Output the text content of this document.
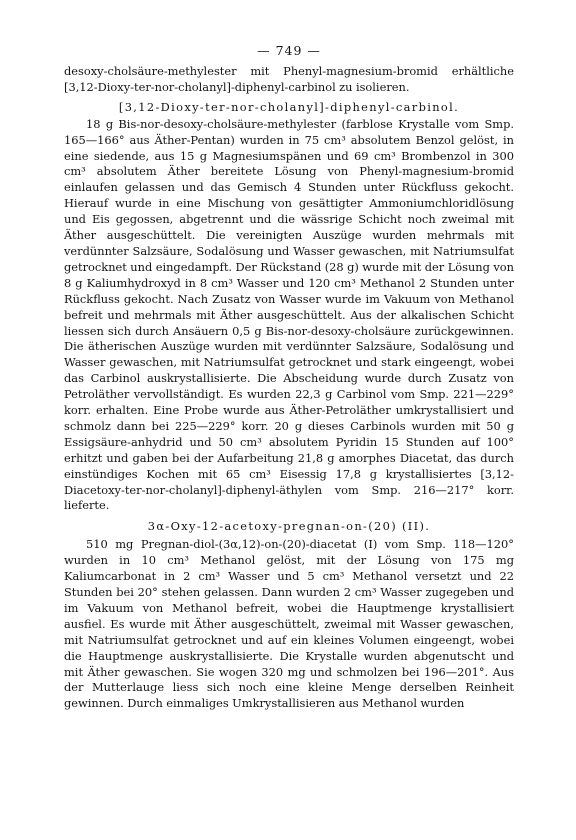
— 749 —

desoxy-cholsäure-methylester mit Phenyl-magnesium-bromid erhältliche [3,12-Dioxy-ter-nor-cholanyl]-diphenyl-carbinol zu isolieren.

[3,12-Dioxy-ter-nor-cholanyl]-diphenyl-carbinol.

18 g Bis-nor-desoxy-cholsäure-methylester (farblose Krystalle vom Smp. 165—166° aus Äther-Pentan) wurden in 75 cm³ absolutem Benzol gelöst, in eine siedende, aus 15 g Magnesiumspänen und 69 cm³ Brombenzol in 300 cm³ absolutem Äther bereitete Lösung von Phenyl-magnesium-bromid einlaufen gelassen und das Gemisch 4 Stunden unter Rückfluss gekocht. Hierauf wurde in eine Mischung von gesättigter Ammoniumchloridlösung und Eis gegossen, abgetrennt und die wässrige Schicht noch zweimal mit Äther ausgeschüttelt. Die vereinigten Auszüge wurden mehrmals mit verdünnter Salzsäure, Sodalösung und Wasser gewaschen, mit Natriumsulfat getrocknet und eingedampft. Der Rückstand (28 g) wurde mit der Lösung von 8 g Kaliumhydroxyd in 8 cm³ Wasser und 120 cm³ Methanol 2 Stunden unter Rückfluss gekocht. Nach Zusatz von Wasser wurde im Vakuum von Methanol befreit und mehrmals mit Äther ausgeschüttelt. Aus der alkalischen Schicht liessen sich durch Ansäuern 0,5 g Bis-nor-desoxy-cholsäure zurückgewinnen. Die ätherischen Auszüge wurden mit verdünnter Salzsäure, Sodalösung und Wasser gewaschen, mit Natriumsulfat getrocknet und stark eingeengt, wobei das Carbinol auskrystallisierte. Die Abscheidung wurde durch Zusatz von Petroläther vervollständigt. Es wurden 22,3 g Carbinol vom Smp. 221—229° korr. erhalten. Eine Probe wurde aus Äther-Petroläther umkrystallisiert und schmolz dann bei 225—229° korr. 20 g dieses Carbinols wurden mit 50 g Essigsäure-anhydrid und 50 cm³ absolutem Pyridin 15 Stunden auf 100° erhitzt und gaben bei der Aufarbeitung 21,8 g amorphes Diacetat, das durch einstündiges Kochen mit 65 cm³ Eisessig 17,8 g krystallisiertes [3,12-Diacetoxy-ter-nor-cholanyl]-diphenyl-äthylen vom Smp. 216—217° korr. lieferte.

3α-Oxy-12-acetoxy-pregnan-on-(20) (II).

510 mg Pregnan-diol-(3α,12)-on-(20)-diacetat (I) vom Smp. 118—120° wurden in 10 cm³ Methanol gelöst, mit der Lösung von 175 mg Kaliumcarbonat in 2 cm³ Wasser und 5 cm³ Methanol versetzt und 22 Stunden bei 20° stehen gelassen. Dann wurden 2 cm³ Wasser zugegeben und im Vakuum von Methanol befreit, wobei die Hauptmenge krystallisiert ausfiel. Es wurde mit Äther ausgeschüttelt, zweimal mit Wasser gewaschen, mit Natriumsulfat getrocknet und auf ein kleines Volumen eingeengt, wobei die Hauptmenge auskrystallisierte. Die Krystalle wurden abgenutscht und mit Äther gewaschen. Sie wogen 320 mg und schmolzen bei 196—201°. Aus der Mutterlauge liess sich noch eine kleine Menge derselben Reinheit gewinnen. Durch einmaliges Umkrystallisieren aus Methanol wurden
